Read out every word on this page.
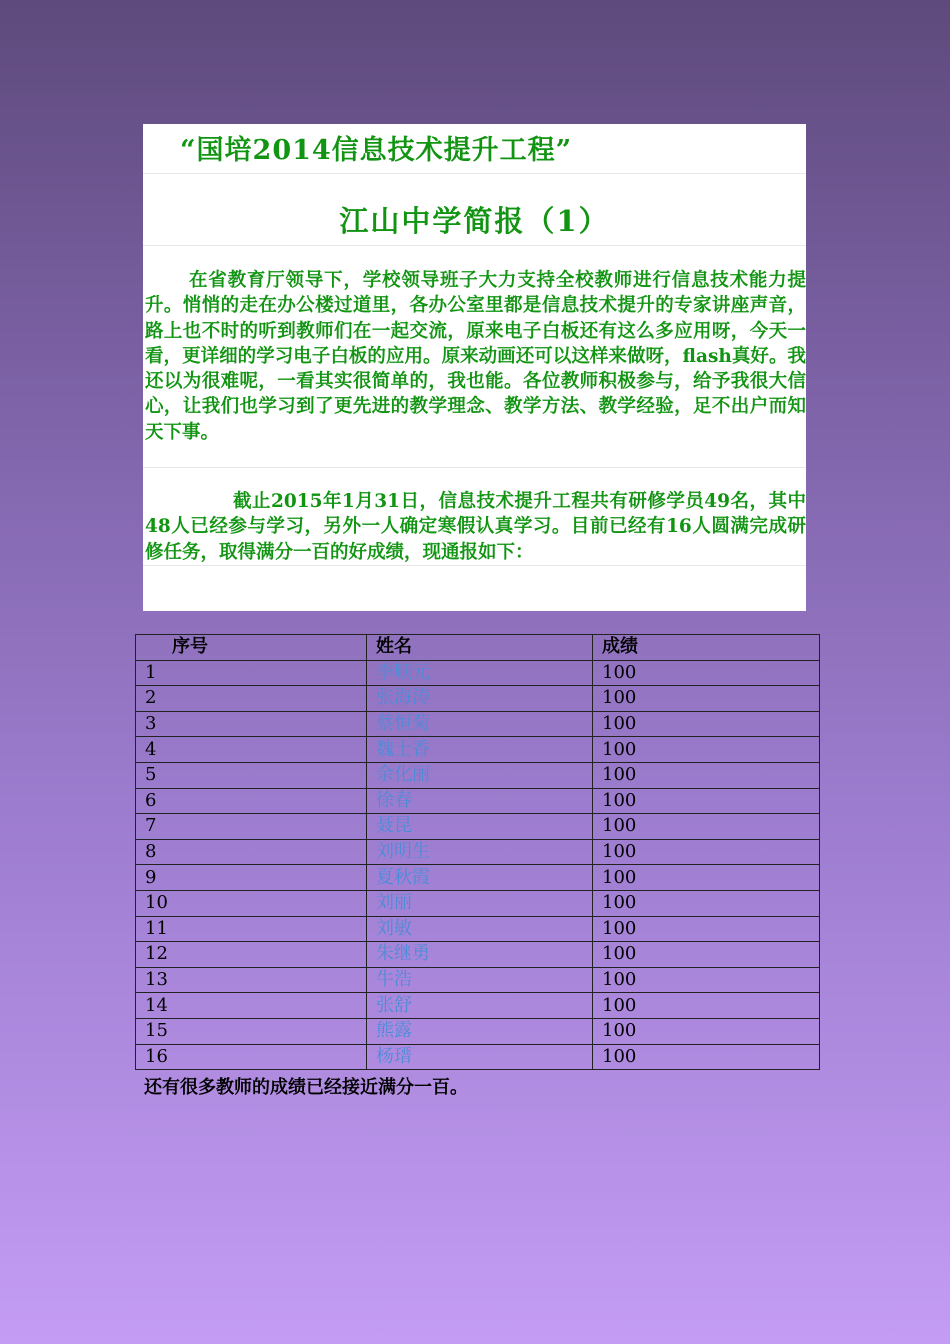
“国培2014信息技术提升工程”
江山中学简报（1）

在省教育厅领导下，学校领导班子大力支持全校教师进行信息技术能力提升。悄悄的走在办公楼过道里，各办公室里都是信息技术提升的专家讲座声音，路上也不时的听到教师们在一起交流，原来电子白板还有这么多应用呀，今天一看，更详细的学习电子白板的应用。原来动画还可以这样来做呀，flash真好。我还以为很难呢，一看其实很简单的，我也能。各位教师积极参与，给予我很大信心，让我们也学习到了更先进的教学理念、教学方法、教学经验，足不出户而知天下事。

截止2015年1月31日，信息技术提升工程共有研修学员49名，其中48人已经参与学习，另外一人确定寒假认真学习。目前已经有16人圆满完成研修任务，取得满分一百的好成绩，现通报如下：

序号	姓名	成绩
1	李顺元	100
2	张海涛	100
3	蔡恒菊	100
4	魏士香	100
5	余化丽	100
6	徐春	100
7	聂昆	100
8	刘明生	100
9	夏秋霞	100
10	刘丽	100
11	刘敏	100
12	朱继勇	100
13	牛浩	100
14	张舒	100
15	熊露	100
16	杨瑨	100

还有很多教师的成绩已经接近满分一百。
